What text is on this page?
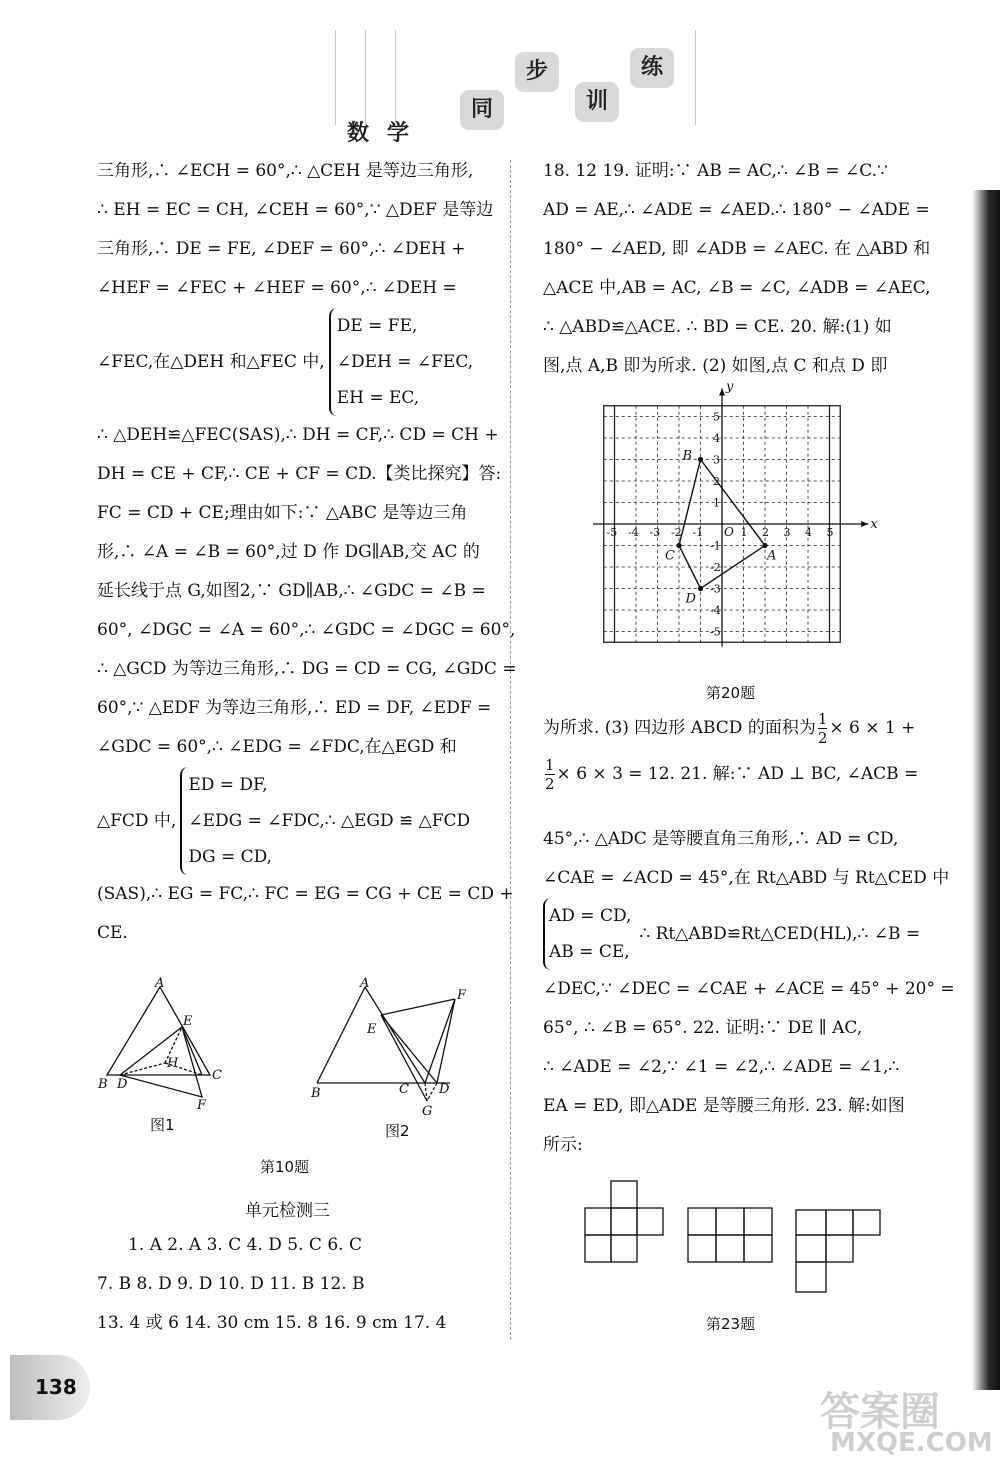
数 学
同
步
训
练

三角形,∴ ∠ECH = 60°,∴ △CEH 是等边三角形,

∴ EH = EC = CH, ∠CEH = 60°,∵ △DEF 是等边

三角形,∴ DE = FE, ∠DEF = 60°,∴ ∠DEH +

∠HEF = ∠FEC + ∠HEF = 60°,∴ ∠DEH =

∠FEC,在△DEH 和△FEC 中,

DE = FE,

∠DEH = ∠FEC,

EH = EC,

∴ △DEH≌△FEC(SAS),∴ DH = CF,∴ CD = CH +

DH = CE + CF,∴ CE + CF = CD.【类比探究】答:

FC = CD + CE;理由如下:∵ △ABC 是等边三角

形,∴ ∠A = ∠B = 60°,过 D 作 DG∥AB,交 AC 的

延长线于点 G,如图2,∵ GD∥AB,∴ ∠GDC = ∠B =

60°, ∠DGC = ∠A = 60°,∴ ∠GDC = ∠DGC = 60°,

∴ △GCD 为等边三角形,∴ DG = CD = CG, ∠GDC =

60°,∵ △EDF 为等边三角形,∴ ED = DF, ∠EDF =

∠GDC = 60°,∴ ∠EDG = ∠FDC,在△EGD 和

△FCD 中,

ED = DF,

∠EDG = ∠FDC,∴ △EGD ≌ △FCD

DG = CD,

(SAS),∴ EG = FC,∴ FC = EG = CG + CE = CD +

CE.

A
E
H
B D
C
F
图1
A
F
E
B	C D
G
图2
第10题
单元检测三

1. A 2. A 3. C 4. D 5. C 6. C

7. B 8. D 9. D 10. D 11. B 12. B

13. 4 或 6 14. 30 cm 15. 8 16. 9 cm 17. 4

138

18. 12 19. 证明:∵ AB = AC,∴ ∠B = ∠C.∵

AD = AE,∴ ∠ADE = ∠AED.∴ 180° − ∠ADE =

180° − ∠AED, 即 ∠ADB = ∠AEC. 在 △ABD 和

△ACE 中,AB = AC, ∠B = ∠C, ∠ADB = ∠AEC,

∴ △ABD≌△ACE. ∴ BD = CE. 20. 解:(1) 如

图,点 A,B 即为所求. (2) 如图,点 C 和点 D 即

x
y
O
-5 -4 -3 -2 -1	1 2 3 4 5
5
4
3
2
1
-1
-2
-3
-4
-5
B
A
D
C
第20题

为所求. (3) 四边形 ABCD 的面积为 $\frac{1}{2} \times 6 \times 1$ +

$\frac{1}{2} \times 6 \times 3 = 12$. 21. 解:∵ AD ⊥ BC, ∠ACB =

45°,∴ △ADC 是等腰直角三角形,∴ AD = CD,

∠CAE = ∠ACD = 45°,在 Rt△ABD 与 Rt△CED 中

AD = CD,

AB = CE,

∴ Rt△ABD≌Rt△CED(HL),∴ ∠B =

∠DEC,∵ ∠DEC = ∠CAE + ∠ACE = 45° + 20° =

65°, ∴ ∠B = 65°. 22. 证明:∵ DE ∥ AC,

∴ ∠ADE = ∠2,∵ ∠1 = ∠2,∴ ∠ADE = ∠1,∴

EA = ED, 即△ADE 是等腰三角形. 23. 解:如图

所示:

第23题
答案圈
MXQE.COM
